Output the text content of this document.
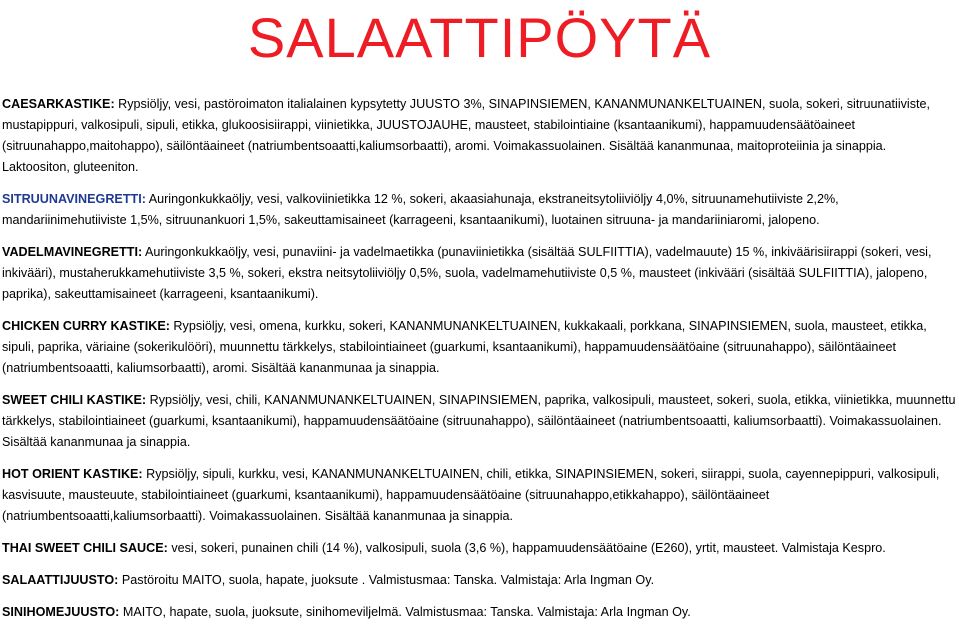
SALAATTIPÖYTÄ

CAESARKASTIKE: Rypsiöljy, vesi, pastöroimaton italialainen kypsytetty JUUSTO 3%, SINAPINSIEMEN, KANANMUNANKELTUAINEN, suola, sokeri, sitruunatiiviste, mustapippuri, valkosipuli, sipuli, etikka, glukoosisiirappi, viinietikka, JUUSTOJAUHE, mausteet, stabilointiaine (ksantaanikumi), happamuudensäätöaineet (sitruunahappo,maitohappo), säilöntäaineet (natriumbentsoaatti,kaliumsorbaatti), aromi. Voimakassuolainen. Sisältää kananmunaa, maitoproteiinia ja sinappia. Laktoositon, gluteeniton.

SITRUUNAVINEGRETTI: Auringonkukkaöljy, vesi, valkoviinietikka 12 %, sokeri, akaasiahunaja, ekstraneitsytoliiviöljy 4,0%, sitruunamehutiiviste 2,2%, mandariinimehutiiviste 1,5%, sitruunankuori 1,5%, sakeuttamisaineet (karrageeni, ksantaanikumi), luotainen sitruuna- ja mandariiniaromi, jalopeno.

VADELMAVINEGRETTI: Auringonkukkaöljy, vesi, punaviini- ja vadelmaetikka (punaviinietikka (sisältää SULFIITTIA), vadelmauute) 15 %, inkiväärisiirappi (sokeri, vesi, inkivääri), mustaherukkamehutiiviste 3,5 %, sokeri, ekstra neitsytoliiviöljy 0,5%, suola, vadelmamehutiiviste 0,5 %, mausteet (inkivääri (sisältää SULFIITTIA), jalopeno, paprika), sakeuttamisaineet (karrageeni, ksantaanikumi).

CHICKEN CURRY KASTIKE: Rypsiöljy, vesi, omena, kurkku, sokeri, KANANMUNANKELTUAINEN, kukkakaali, porkkana, SINAPINSIEMEN, suola, mausteet, etikka, sipuli, paprika, väriaine (sokerikulööri), muunnettu tärkkelys, stabilointiaineet (guarkumi, ksantaanikumi), happamuudensäätöaine (sitruunahappo), säilöntäaineet (natriumbentsoaatti, kaliumsorbaatti), aromi. Sisältää kananmunaa ja sinappia.

SWEET CHILI KASTIKE: Rypsiöljy, vesi, chili, KANANMUNANKELTUAINEN, SINAPINSIEMEN, paprika, valkosipuli, mausteet, sokeri, suola, etikka, viinietikka, muunnettu tärkkelys, stabilointiaineet (guarkumi, ksantaanikumi), happamuudensäätöaine (sitruunahappo), säilöntäaineet (natriumbentsoaatti, kaliumsorbaatti). Voimakassuolainen. Sisältää kananmunaa ja sinappia.

HOT ORIENT KASTIKE: Rypsiöljy, sipuli, kurkku, vesi, KANANMUNANKELTUAINEN, chili, etikka, SINAPINSIEMEN, sokeri, siirappi, suola, cayennepippuri, valkosipuli, kasvisuute, mausteuute, stabilointiaineet (guarkumi, ksantaanikumi), happamuudensäätöaine (sitruunahappo,etikkahappo), säilöntäaineet (natriumbentsoaatti,kaliumsorbaatti). Voimakassuolainen. Sisältää kananmunaa ja sinappia.

THAI SWEET CHILI SAUCE: vesi, sokeri, punainen chili (14 %), valkosipuli, suola (3,6 %), happamuudensäätöaine (E260), yrtit, mausteet. Valmistaja Kespro.

SALAATTIJUUSTO: Pastöroitu MAITO, suola, hapate, juoksute . Valmistusmaa: Tanska. Valmistaja: Arla Ingman Oy.

SINIHOMEJUUSTO: MAITO, hapate, suola, juoksute, sinihomeviljelmä. Valmistusmaa: Tanska. Valmistaja: Arla Ingman Oy.
